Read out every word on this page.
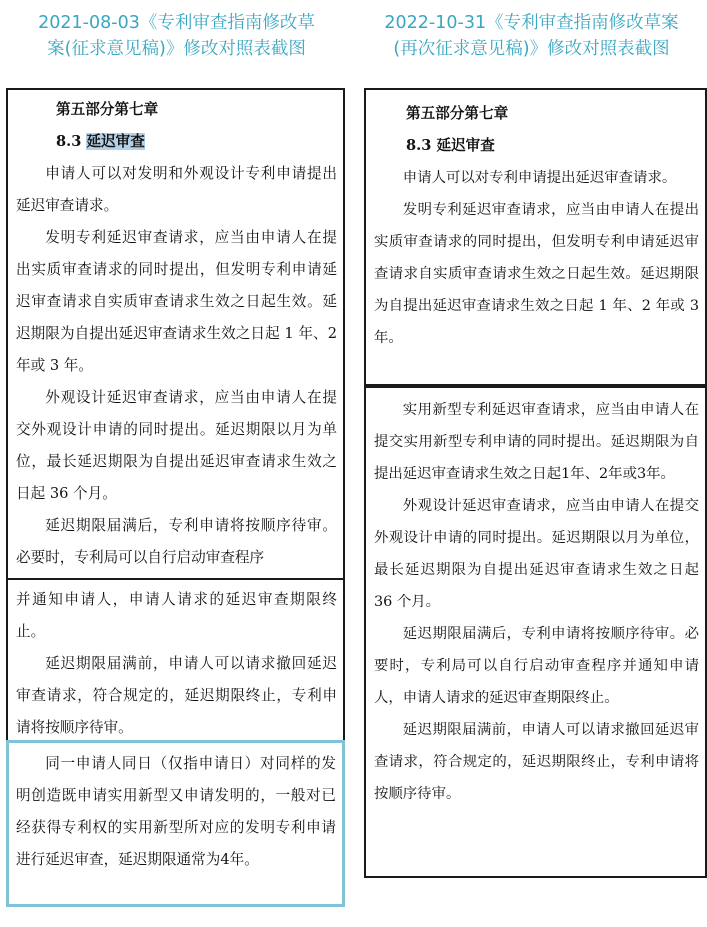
2021-08-03《专利审查指南修改草
案(征求意见稿)》修改对照表截图
2022-10-31《专利审查指南修改草案
(再次征求意见稿)》修改对照表截图
第五部分第七章
8.3 延迟审查

申请人可以对发明和外观设计专利申请提出延迟审查请求。

发明专利延迟审查请求，应当由申请人在提出实质审查请求的同时提出，但发明专利申请延迟审查请求自实质审查请求生效之日起生效。延迟期限为自提出延迟审查请求生效之日起 1 年、2 年或 3 年。

外观设计延迟审查请求，应当由申请人在提交外观设计申请的同时提出。延迟期限以月为单位，最长延迟期限为自提出延迟审查请求生效之日起 36 个月。

延迟期限届满后，专利申请将按顺序待审。必要时，专利局可以自行启动审查程序

并通知申请人，申请人请求的延迟审查期限终止。

延迟期限届满前，申请人可以请求撤回延迟审查请求，符合规定的，延迟期限终止，专利申请将按顺序待审。

同一申请人同日（仅指申请日）对同样的发明创造既申请实用新型又申请发明的，一般对已经获得专利权的实用新型所对应的发明专利申请进行延迟审查，延迟期限通常为4年。

第五部分第七章
8.3 延迟审查

申请人可以对专利申请提出延迟审查请求。

发明专利延迟审查请求，应当由申请人在提出实质审查请求的同时提出，但发明专利申请延迟审查请求自实质审查请求生效之日起生效。延迟期限为自提出延迟审查请求生效之日起 1 年、2 年或 3 年。

实用新型专利延迟审查请求，应当由申请人在提交实用新型专利申请的同时提出。延迟期限为自提出延迟审查请求生效之日起1年、2年或3年。

外观设计延迟审查请求，应当由申请人在提交外观设计申请的同时提出。延迟期限以月为单位，最长延迟期限为自提出延迟审查请求生效之日起 36 个月。

延迟期限届满后，专利申请将按顺序待审。必要时，专利局可以自行启动审查程序并通知申请人，申请人请求的延迟审查期限终止。

延迟期限届满前，申请人可以请求撤回延迟审查请求，符合规定的，延迟期限终止，专利申请将按顺序待审。
